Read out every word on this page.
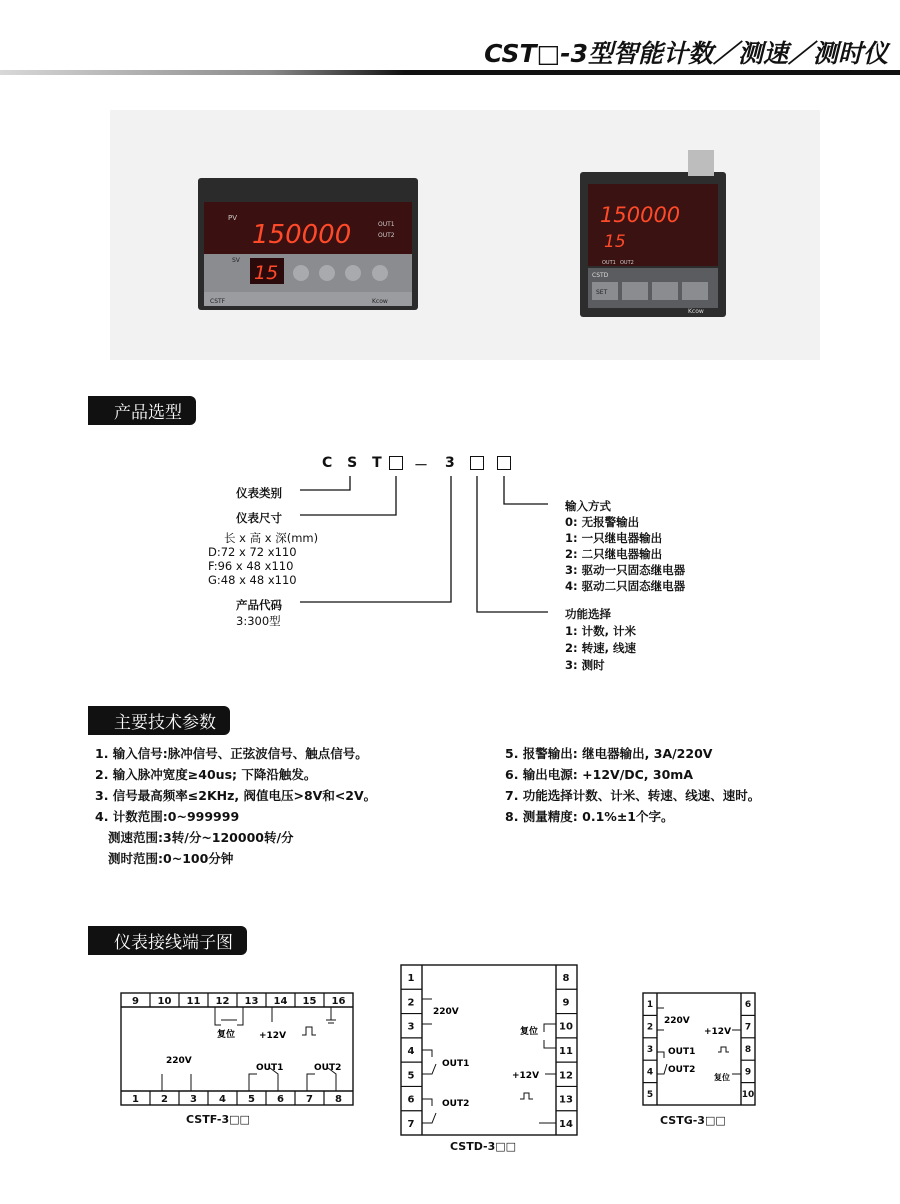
CST□-3型智能计数／测速／测时仪
PV
150000	OUT1
OUT2
SV
15
CSTF	Kcow
150000
15
OUT1 OUT2
CSTD
SET
Kcow
产品选型
C S T － 3
仪表类别
仪表尺寸
长 x 高 x 深(mm)
D:72 x 72 x110
F:96 x 48 x110
G:48 x 48 x110
产品代码
3:300型
输入方式
0: 无报警输出
1: 一只继电器输出
2: 二只继电器输出
3: 驱动一只固态继电器
4: 驱动二只固态继电器
功能选择
1: 计数, 计米
2: 转速, 线速
3: 测时
主要技术参数
1. 输入信号:脉冲信号、正弦波信号、触点信号。
2. 输入脉冲宽度≥40us; 下降沿触发。
3. 信号最高频率≤2KHz, 阀值电压>8V和<2V。
4. 计数范围:0~999999
测速范围:3转/分~120000转/分
测时范围:0~100分钟
5. 报警输出: 继电器输出, 3A/220V
6. 输出电源: +12V/DC, 30mA
7. 功能选择计数、计米、转速、线速、速时。
8. 测量精度: 0.1%±1个字。
仪表接线端子图
9 10 11 12 13 14 15 16
1 2 3 4 5 6 7 8
复位	+12V
220V
OUT1	OUT2
CSTF-3□□
1
2
3
4
5
6
7
8
9
10
11
12
13
14
220V
OUT1
OUT2
复位
+12V
CSTD-3□□
1
2
3
4
5
6
7
8
9
10
220V
OUT1
OUT2
+12V
复位
CSTG-3□□
